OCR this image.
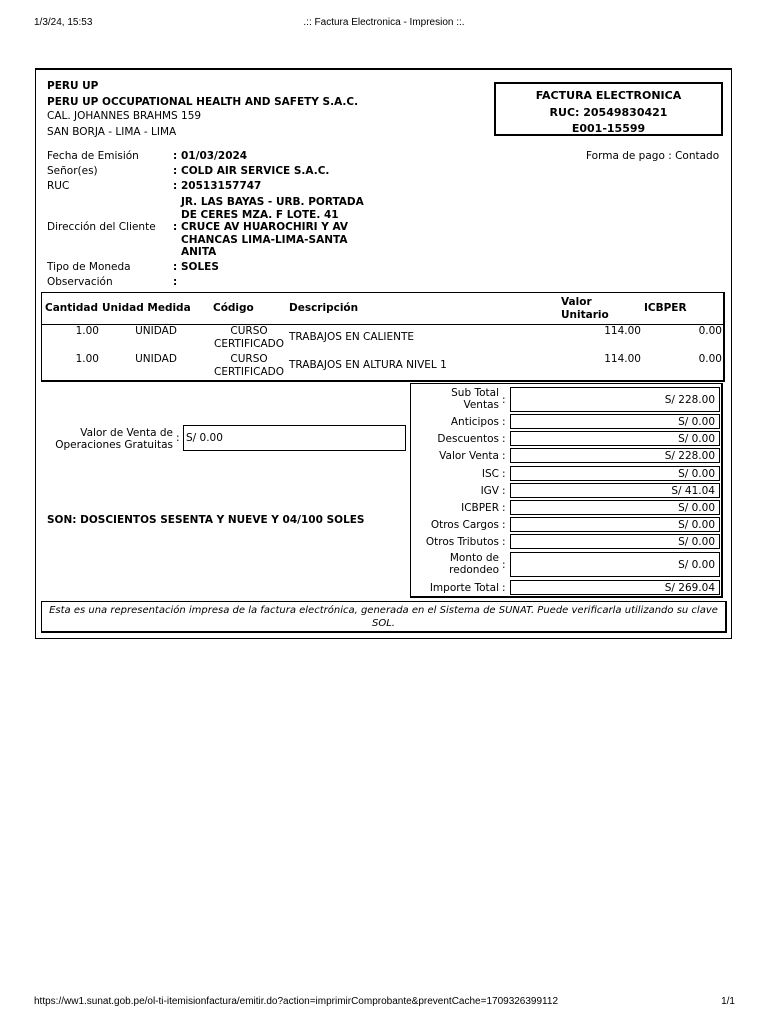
1/3/24, 15:53	.:: Factura Electronica - Impresion ::.
https://ww1.sunat.gob.pe/ol-ti-itemisionfactura/emitir.do?action=imprimirComprobante&preventCache=1709326399112	1/1
PERU UP
PERU UP OCCUPATIONAL HEALTH AND SAFETY S.A.C.
CAL. JOHANNES BRAHMS 159
SAN BORJA - LIMA - LIMA
FACTURA ELECTRONICA
RUC: 20549830421
E001-15599
Fecha de Emisión	: 01/03/2024	Forma de pago : Contado
Señor(es)	: COLD AIR SERVICE S.A.C.
RUC	: 20513157747
Dirección del Cliente :
JR. LAS BAYAS - URB. PORTADA
DE CERES MZA. F LOTE. 41
CRUCE AV HUAROCHIRI Y AV
CHANCAS LIMA-LIMA-SANTA
ANITA
Tipo de Moneda	: SOLES
Observación	:
Cantidad Unidad Medida Código	Descripción	Valor
Unitario
ICBPER
1.00	UNIDAD	CURSO
CERTIFICADO
TRABAJOS EN CALIENTE	114.00	0.00
1.00	UNIDAD	CURSO
CERTIFICADO
TRABAJOS EN ALTURA NIVEL 1	114.00	0.00
Valor de Venta de
Operaciones Gratuitas
: S/ 0.00
SON: DOSCIENTOS SESENTA Y NUEVE Y 04/100 SOLES
Sub Total
Ventas :	S/ 228.00
Anticipos :	S/ 0.00
Descuentos :	S/ 0.00
Valor Venta :	S/ 228.00
ISC :	S/ 0.00
IGV :	S/ 41.04
ICBPER :	S/ 0.00
Otros Cargos :	S/ 0.00
Otros Tributos :	S/ 0.00
Monto de
redondeo :	S/ 0.00
Importe Total :	S/ 269.04
Esta es una representación impresa de la factura electrónica, generada en el Sistema de SUNAT. Puede verificarla utilizando su clave SOL.
